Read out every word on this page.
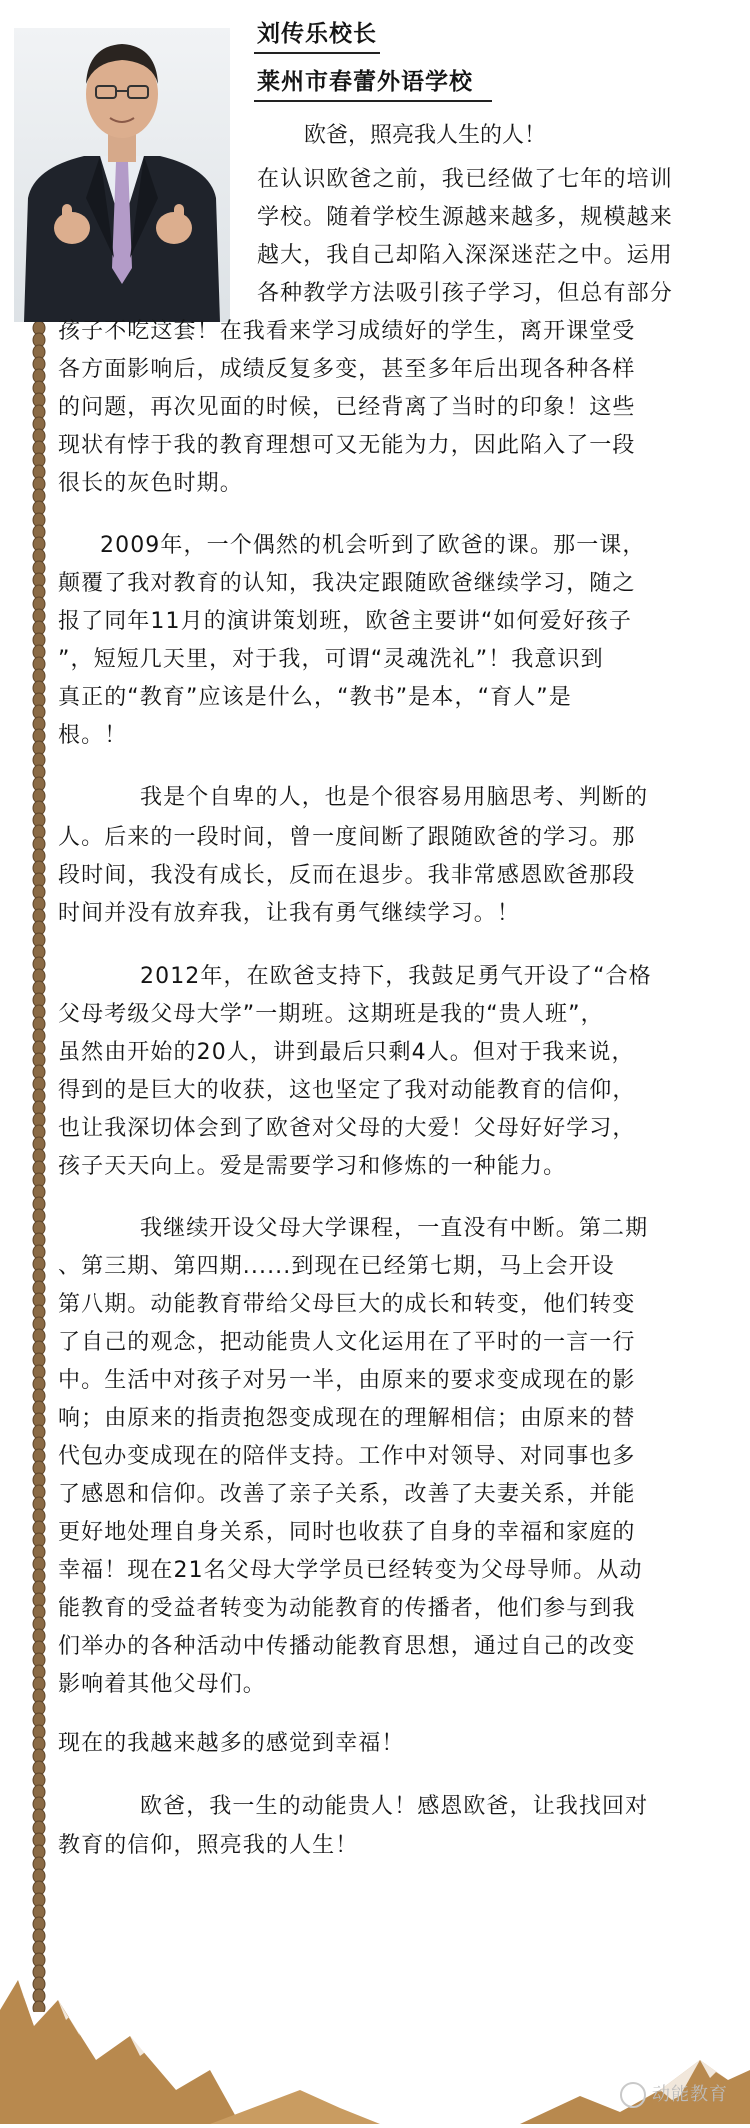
刘传乐校长
莱州市春蕾外语学校
欧爸，照亮我人生的人！
在认识欧爸之前，我已经做了七年的培训
学校。随着学校生源越来越多，规模越来
越大，我自己却陷入深深迷茫之中。运用
各种教学方法吸引孩子学习，但总有部分
孩子不吃这套！在我看来学习成绩好的学生，离开课堂受
各方面影响后，成绩反复多变，甚至多年后出现各种各样
的问题，再次见面的时候，已经背离了当时的印象！这些
现状有悖于我的教育理想可又无能为力，因此陷入了一段
很长的灰色时期。
2009年，一个偶然的机会听到了欧爸的课。那一课，
颠覆了我对教育的认知，我决定跟随欧爸继续学习，随之
报了同年11月的演讲策划班，欧爸主要讲“如何爱好孩子
”，短短几天里，对于我，可谓“灵魂洗礼”！我意识到
真正的“教育”应该是什么，“教书”是本，“育人”是
根。！
我是个自卑的人，也是个很容易用脑思考、判断的
人。后来的一段时间，曾一度间断了跟随欧爸的学习。那
段时间，我没有成长，反而在退步。我非常感恩欧爸那段
时间并没有放弃我，让我有勇气继续学习。！
2012年，在欧爸支持下，我鼓足勇气开设了“合格
父母考级父母大学”一期班。这期班是我的“贵人班”，
虽然由开始的20人，讲到最后只剩4人。但对于我来说，
得到的是巨大的收获，这也坚定了我对动能教育的信仰，
也让我深切体会到了欧爸对父母的大爱！父母好好学习，
孩子天天向上。爱是需要学习和修炼的一种能力。
我继续开设父母大学课程，一直没有中断。第二期
、第三期、第四期......到现在已经第七期，马上会开设
第八期。动能教育带给父母巨大的成长和转变，他们转变
了自己的观念，把动能贵人文化运用在了平时的一言一行
中。生活中对孩子对另一半，由原来的要求变成现在的影
响；由原来的指责抱怨变成现在的理解相信；由原来的替
代包办变成现在的陪伴支持。工作中对领导、对同事也多
了感恩和信仰。改善了亲子关系，改善了夫妻关系，并能
更好地处理自身关系，同时也收获了自身的幸福和家庭的
幸福！现在21名父母大学学员已经转变为父母导师。从动
能教育的受益者转变为动能教育的传播者，他们参与到我
们举办的各种活动中传播动能教育思想，通过自己的改变
影响着其他父母们。
现在的我越来越多的感觉到幸福！
欧爸，我一生的动能贵人！感恩欧爸，让我找回对
教育的信仰，照亮我的人生！
动能教育
